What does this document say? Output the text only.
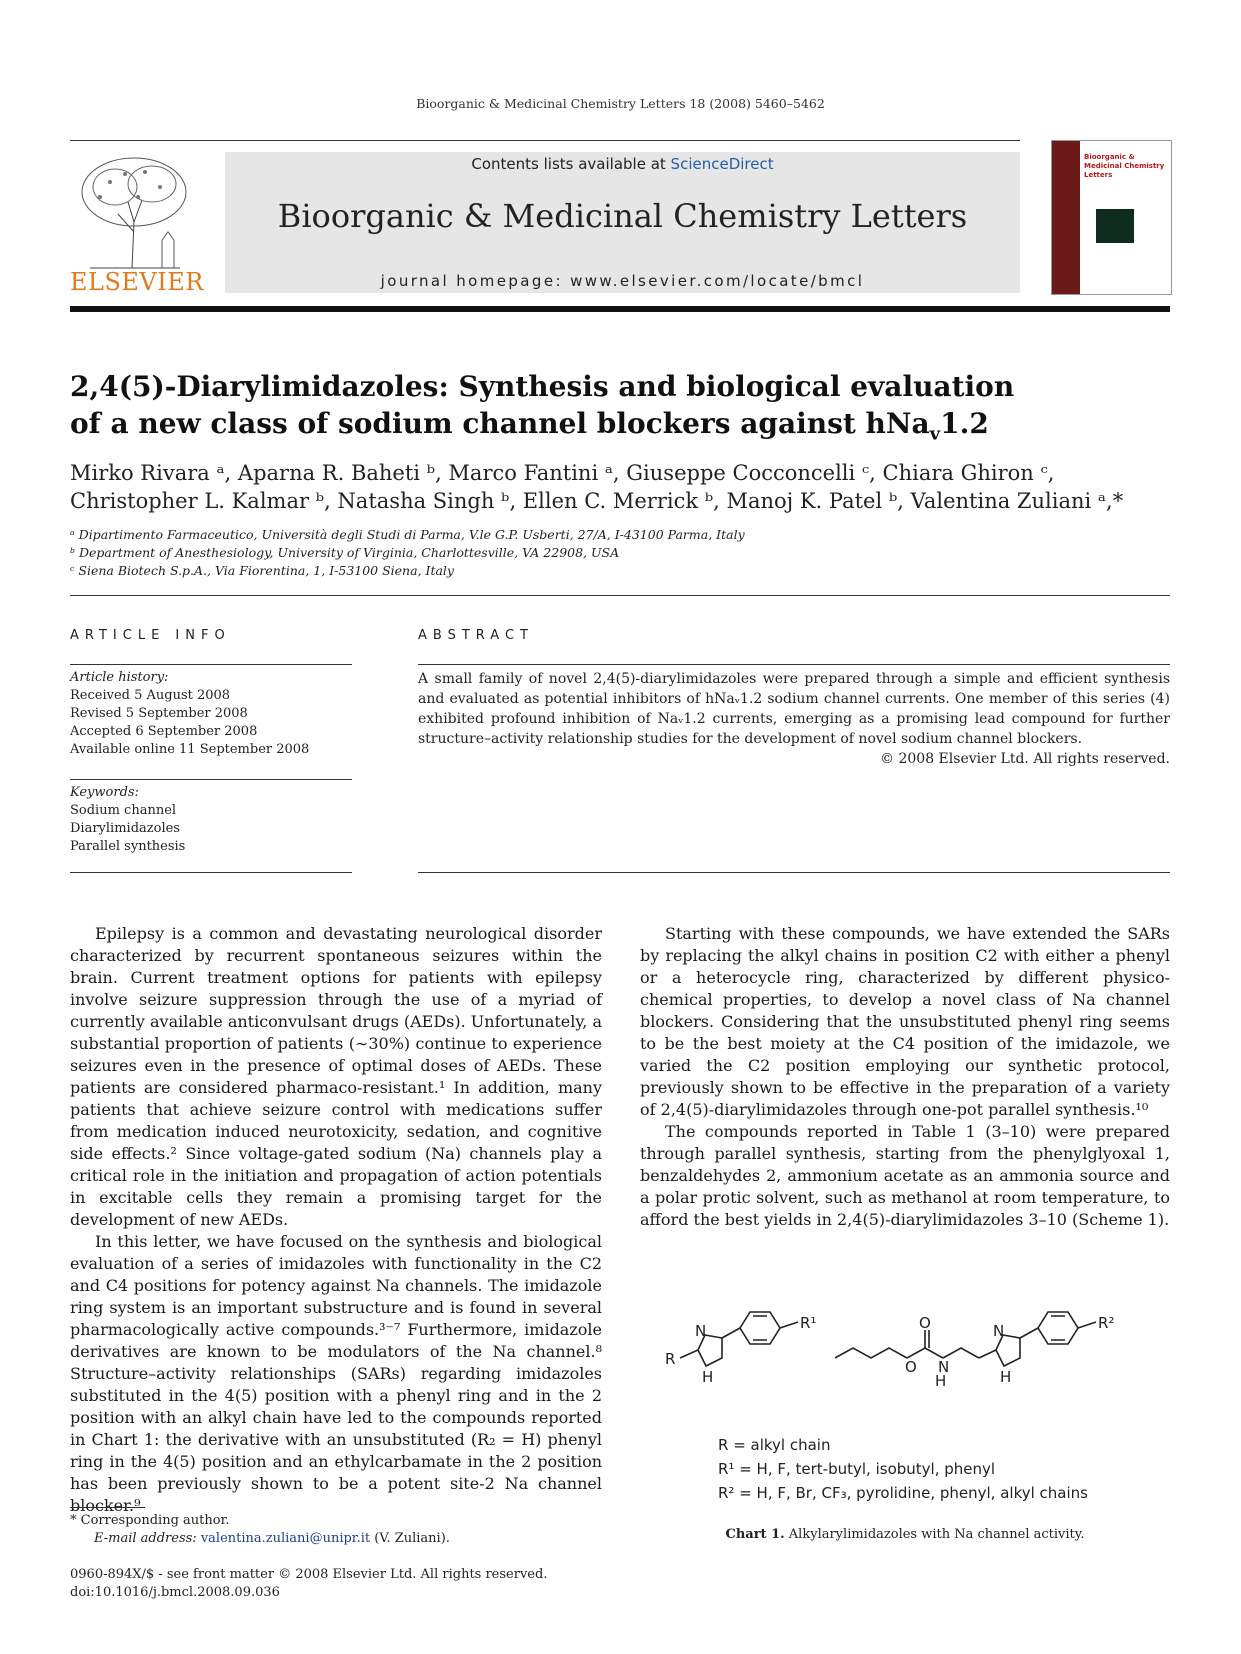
Bioorganic & Medicinal Chemistry Letters 18 (2008) 5460–5462
ELSEVIER
Contents lists available at ScienceDirect
Bioorganic & Medicinal Chemistry Letters
journal homepage: www.elsevier.com/locate/bmcl
Bioorganic & Medicinal Chemistry Letters
2,4(5)-Diarylimidazoles: Synthesis and biological evaluation
of a new class of sodium channel blockers against hNa$_v$1.2
Mirko Rivara ᵃ, Aparna R. Baheti ᵇ, Marco Fantini ᵃ, Giuseppe Cocconcelli ᶜ, Chiara Ghiron ᶜ,
Christopher L. Kalmar ᵇ, Natasha Singh ᵇ, Ellen C. Merrick ᵇ, Manoj K. Patel ᵇ, Valentina Zuliani ᵃ,*
ᵃ Dipartimento Farmaceutico, Università degli Studi di Parma, V.le G.P. Usberti, 27/A, I-43100 Parma, Italy
ᵇ Department of Anesthesiology, University of Virginia, Charlottesville, VA 22908, USA
ᶜ Siena Biotech S.p.A., Via Fiorentina, 1, I-53100 Siena, Italy
ARTICLE INFO	ABSTRACT
Article history:
Received 5 August 2008
Revised 5 September 2008
Accepted 6 September 2008
Available online 11 September 2008
Keywords:
Sodium channel
Diarylimidazoles
Parallel synthesis
A small family of novel 2,4(5)-diarylimidazoles were prepared through a simple and efficient synthesis and evaluated as potential inhibitors of hNaᵥ1.2 sodium channel currents. One member of this series (4) exhibited profound inhibition of Naᵥ1.2 currents, emerging as a promising lead compound for further structure–activity relationship studies for the development of novel sodium channel blockers.
© 2008 Elsevier Ltd. All rights reserved.

Epilepsy is a common and devastating neurological disorder characterized by recurrent spontaneous seizures within the brain. Current treatment options for patients with epilepsy involve seizure suppression through the use of a myriad of currently available anticonvulsant drugs (AEDs). Unfortunately, a substantial proportion of patients (∼30%) continue to experience seizures even in the presence of optimal doses of AEDs. These patients are considered pharmaco-resistant.¹ In addition, many patients that achieve seizure control with medications suffer from medication induced neurotoxicity, sedation, and cognitive side effects.² Since voltage-gated sodium (Na) channels play a critical role in the initiation and propagation of action potentials in excitable cells they remain a promising target for the development of new AEDs.

In this letter, we have focused on the synthesis and biological evaluation of a series of imidazoles with functionality in the C2 and C4 positions for potency against Na channels. The imidazole ring system is an important substructure and is found in several pharmacologically active compounds.³⁻⁷ Furthermore, imidazole derivatives are known to be modulators of the Na channel.⁸ Structure–activity relationships (SARs) regarding imidazoles substituted in the 4(5) position with a phenyl ring and in the 2 position with an alkyl chain have led to the compounds reported in Chart 1: the derivative with an unsubstituted (R₂ = H) phenyl ring in the 4(5) position and an ethylcarbamate in the 2 position has been previously shown to be a potent site-2 Na channel blocker.⁹

Starting with these compounds, we have extended the SARs by replacing the alkyl chains in position C2 with either a phenyl or a heterocycle ring, characterized by different physico-chemical properties, to develop a novel class of Na channel blockers. Considering that the unsubstituted phenyl ring seems to be the best moiety at the C4 position of the imidazole, we varied the C2 position employing our synthetic protocol, previously shown to be effective in the preparation of a variety of 2,4(5)-diarylimidazoles through one-pot parallel synthesis.¹⁰

The compounds reported in Table 1 (3–10) were prepared through parallel synthesis, starting from the phenylglyoxal 1, benzaldehydes 2, ammonium acetate as an ammonia source and a polar protic solvent, such as methanol at room temperature, to afford the best yields in 2,4(5)-diarylimidazoles 3–10 (Scheme 1).

R
N
H
R¹	O
O N
H
N
H
R²
R = alkyl chain
R¹ = H, F, tert-butyl, isobutyl, phenyl
R² = H, F, Br, CF₃, pyrolidine, phenyl, alkyl chains
Chart 1. Alkylarylimidazoles with Na channel activity.
* Corresponding author.
E-mail address: valentina.zuliani@unipr.it (V. Zuliani).
0960-894X/$ - see front matter © 2008 Elsevier Ltd. All rights reserved.
doi:10.1016/j.bmcl.2008.09.036
